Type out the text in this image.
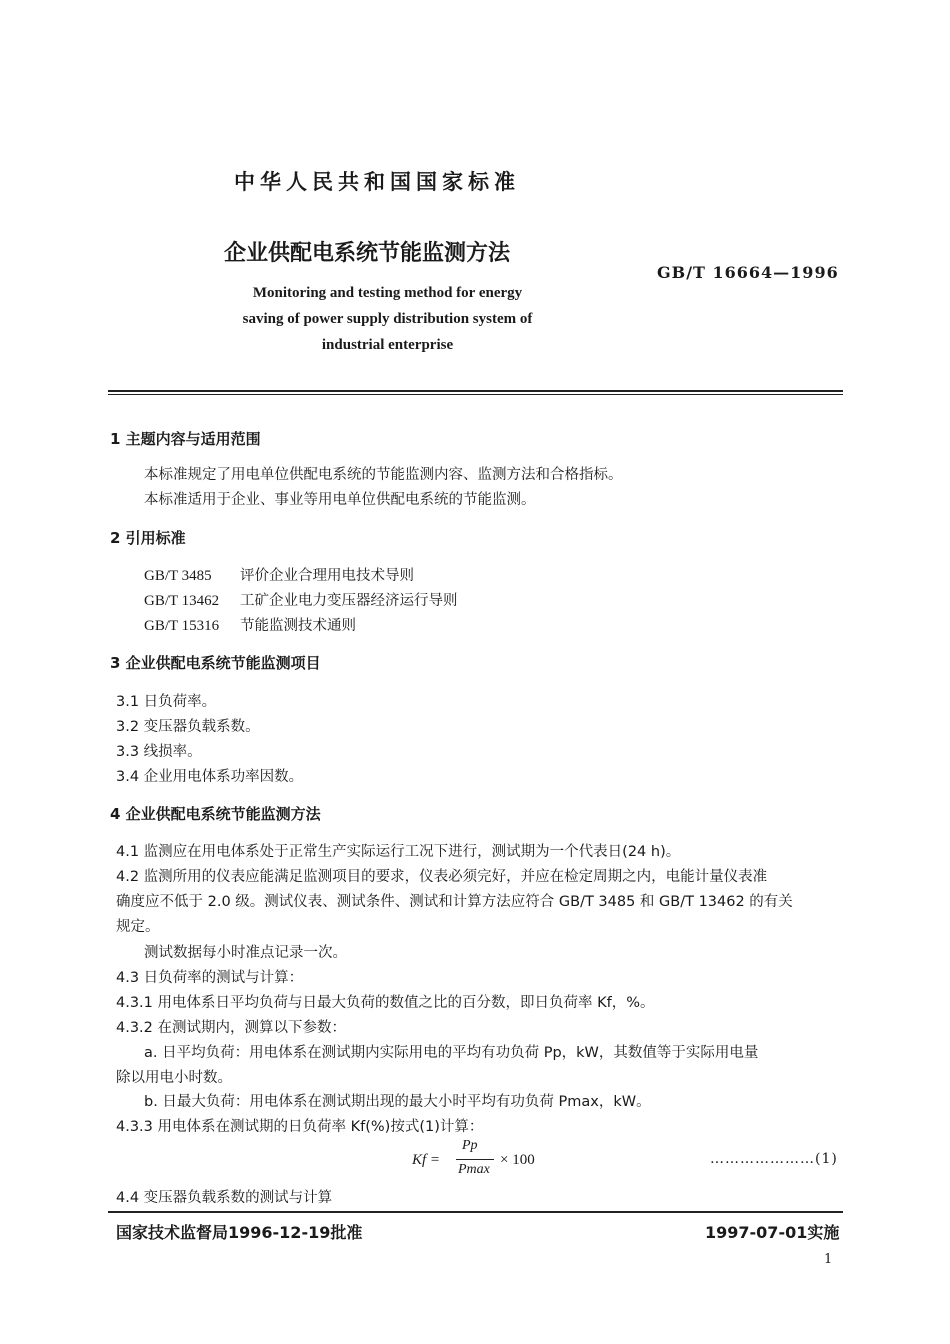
中华人民共和国国家标准
企业供配电系统节能监测方法
GB/T 16664—1996
Monitoring and testing method for energy
saving of power supply distribution system of
industrial enterprise
1 主题内容与适用范围
本标准规定了用电单位供配电系统的节能监测内容、监测方法和合格指标。
本标准适用于企业、事业等用电单位供配电系统的节能监测。
2 引用标准
GB/T 3485 评价企业合理用电技术导则
GB/T 13462 工矿企业电力变压器经济运行导则
GB/T 15316 节能监测技术通则
3 企业供配电系统节能监测项目
3.1 日负荷率。
3.2 变压器负载系数。
3.3 线损率。
3.4 企业用电体系功率因数。
4 企业供配电系统节能监测方法
4.1 监测应在用电体系处于正常生产实际运行工况下进行，测试期为一个代表日(24 h)。
4.2 监测所用的仪表应能满足监测项目的要求，仪表必须完好，并应在检定周期之内，电能计量仪表准
确度应不低于 2.0 级。测试仪表、测试条件、测试和计算方法应符合 GB/T 3485 和 GB/T 13462 的有关
规定。
测试数据每小时准点记录一次。
4.3 日负荷率的测试与计算：
4.3.1 用电体系日平均负荷与日最大负荷的数值之比的百分数，即日负荷率 Kf，%。
4.3.2 在测试期内，测算以下参数：
a. 日平均负荷：用电体系在测试期内实际用电的平均有功负荷 Pp，kW，其数值等于实际用电量
除以用电小时数。
b. 日最大负荷：用电体系在测试期出现的最大小时平均有功负荷 Pmax，kW。
4.3.3 用电体系在测试期的日负荷率 Kf(%)按式(1)计算：
Kf =
Pp
Pmax
× 100	…………………(1)
4.4 变压器负载系数的测试与计算
国家技术监督局1996-12-19批准	1997-07-01实施
1
